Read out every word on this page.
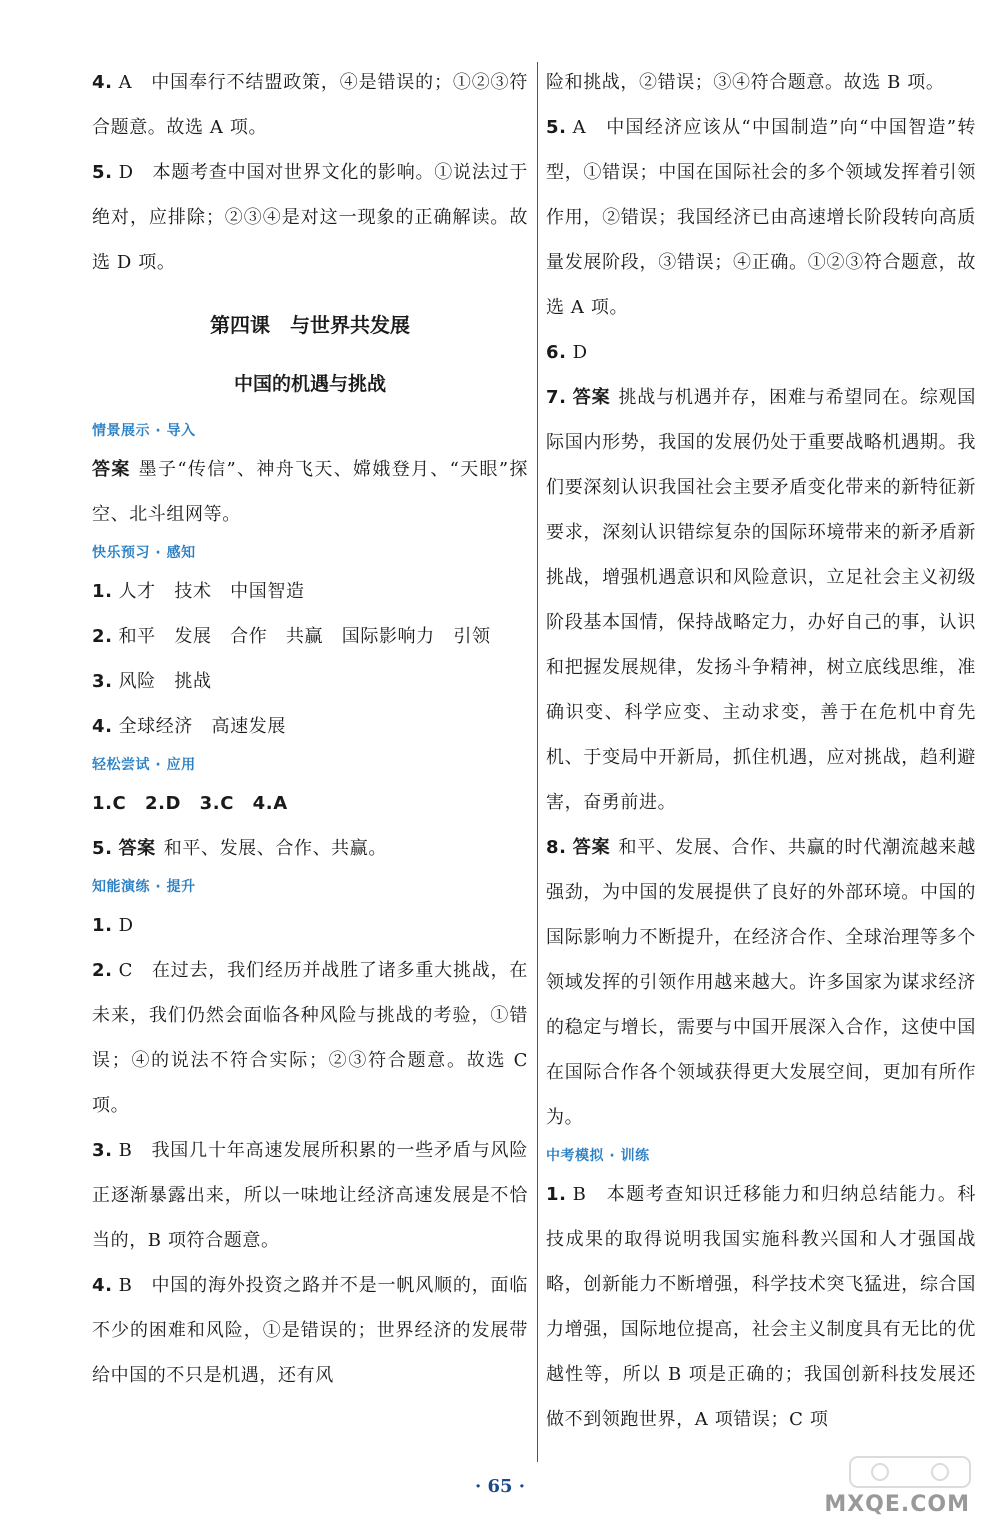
4. A　中国奉行不结盟政策，④是错误的；①②③符合题意。故选 A 项。

5. D　本题考查中国对世界文化的影响。①说法过于绝对，应排除；②③④是对这一现象的正确解读。故选 D 项。

第四课　与世界共发展
中国的机遇与挑战

情景展示 · 导入

答案 墨子“传信”、神舟飞天、嫦娥登月、“天眼”探空、北斗组网等。

快乐预习 · 感知

1. 人才　技术　中国智造

2. 和平　发展　合作　共赢　国际影响力　引领

3. 风险　挑战

4. 全球经济　高速发展

轻松尝试 · 应用

1.C　2.D　3.C　4.A

5. 答案 和平、发展、合作、共赢。

知能演练 · 提升

1. D

2. C　在过去，我们经历并战胜了诸多重大挑战，在未来，我们仍然会面临各种风险与挑战的考验，①错误；④的说法不符合实际；②③符合题意。故选 C 项。

3. B　我国几十年高速发展所积累的一些矛盾与风险正逐渐暴露出来，所以一味地让经济高速发展是不恰当的，B 项符合题意。

4. B　中国的海外投资之路并不是一帆风顺的，面临不少的困难和风险，①是错误的；世界经济的发展带给中国的不只是机遇，还有风

险和挑战，②错误；③④符合题意。故选 B 项。

5. A　中国经济应该从“中国制造”向“中国智造”转型，①错误；中国在国际社会的多个领域发挥着引领作用，②错误；我国经济已由高速增长阶段转向高质量发展阶段，③错误；④正确。①②③符合题意，故选 A 项。

6. D

7. 答案 挑战与机遇并存，困难与希望同在。综观国际国内形势，我国的发展仍处于重要战略机遇期。我们要深刻认识我国社会主要矛盾变化带来的新特征新要求，深刻认识错综复杂的国际环境带来的新矛盾新挑战，增强机遇意识和风险意识，立足社会主义初级阶段基本国情，保持战略定力，办好自己的事，认识和把握发展规律，发扬斗争精神，树立底线思维，准确识变、科学应变、主动求变，善于在危机中育先机、于变局中开新局，抓住机遇，应对挑战，趋利避害，奋勇前进。

8. 答案 和平、发展、合作、共赢的时代潮流越来越强劲，为中国的发展提供了良好的外部环境。中国的国际影响力不断提升，在经济合作、全球治理等多个领域发挥的引领作用越来越大。许多国家为谋求经济的稳定与增长，需要与中国开展深入合作，这使中国在国际合作各个领域获得更大发展空间，更加有所作为。

中考模拟 · 训练

1. B　本题考查知识迁移能力和归纳总结能力。科技成果的取得说明我国实施科教兴国和人才强国战略，创新能力不断增强，科学技术突飞猛进，综合国力增强，国际地位提高，社会主义制度具有无比的优越性等，所以 B 项是正确的；我国创新科技发展还做不到领跑世界，A 项错误；C 项

· 65 ·
MXQE.COM
